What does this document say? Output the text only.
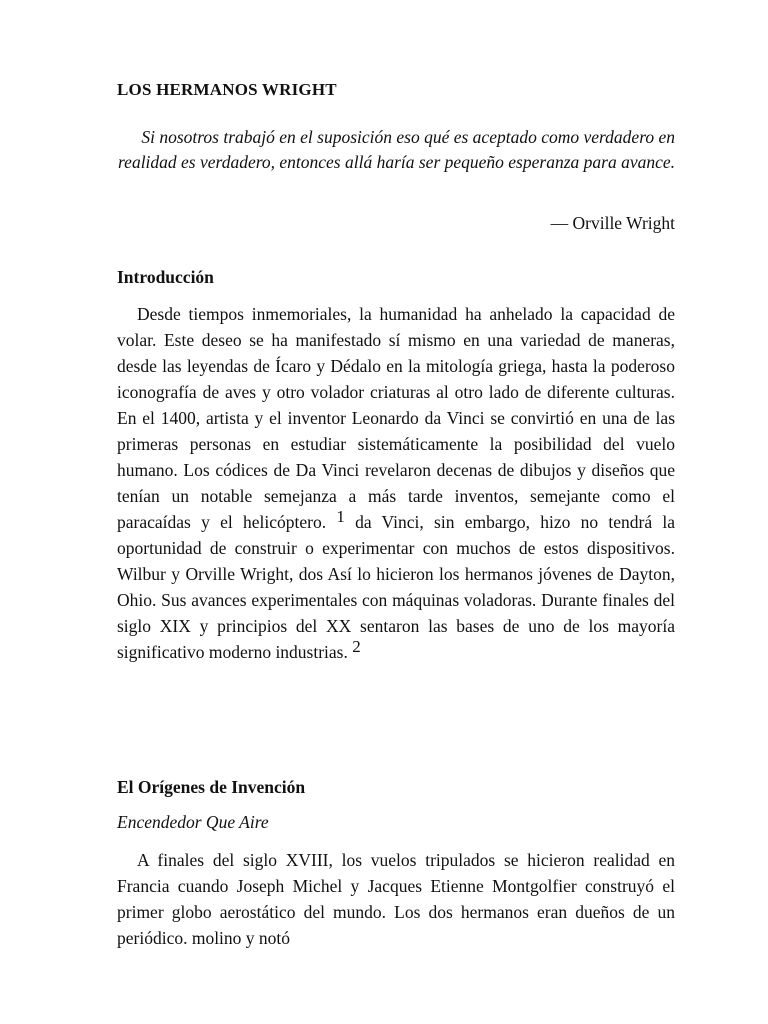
LOS HERMANOS WRIGHT

Si nosotros trabajó en el suposición eso qué es aceptado como verdadero en realidad es verdadero, entonces allá haría ser pequeño esperanza para avance.

— Orville Wright

Introducción

Desde tiempos inmemoriales, la humanidad ha anhelado la capacidad de volar. Este deseo se ha manifestado sí mismo en una variedad de maneras, desde las leyendas de Ícaro y Dédalo en la mitología griega, hasta la poderoso iconografía de aves y otro volador criaturas al otro lado de diferente culturas. En el 1400, artista y el inventor Leonardo da Vinci se convirtió en una de las primeras personas en estudiar sistemáticamente la posibilidad del vuelo humano. Los códices de Da Vinci revelaron decenas de dibujos y diseños que tenían un notable semejanza a más tarde inventos, semejante como el paracaídas y el helicóptero. 1 da Vinci, sin embargo, hizo no tendrá la oportunidad de construir o experimentar con muchos de estos dispositivos. Wilbur y Orville Wright, dos Así lo hicieron los hermanos jóvenes de Dayton, Ohio. Sus avances experimentales con máquinas voladoras. Durante finales del siglo XIX y principios del XX sentaron las bases de uno de los mayoría significativo moderno industrias. 2

El Orígenes de Invención
Encendedor Que Aire

A finales del siglo XVIII, los vuelos tripulados se hicieron realidad en Francia cuando Joseph Michel y Jacques Etienne Montgolfier construyó el primer globo aerostático del mundo. Los dos hermanos eran dueños de un periódico. molino y notó
